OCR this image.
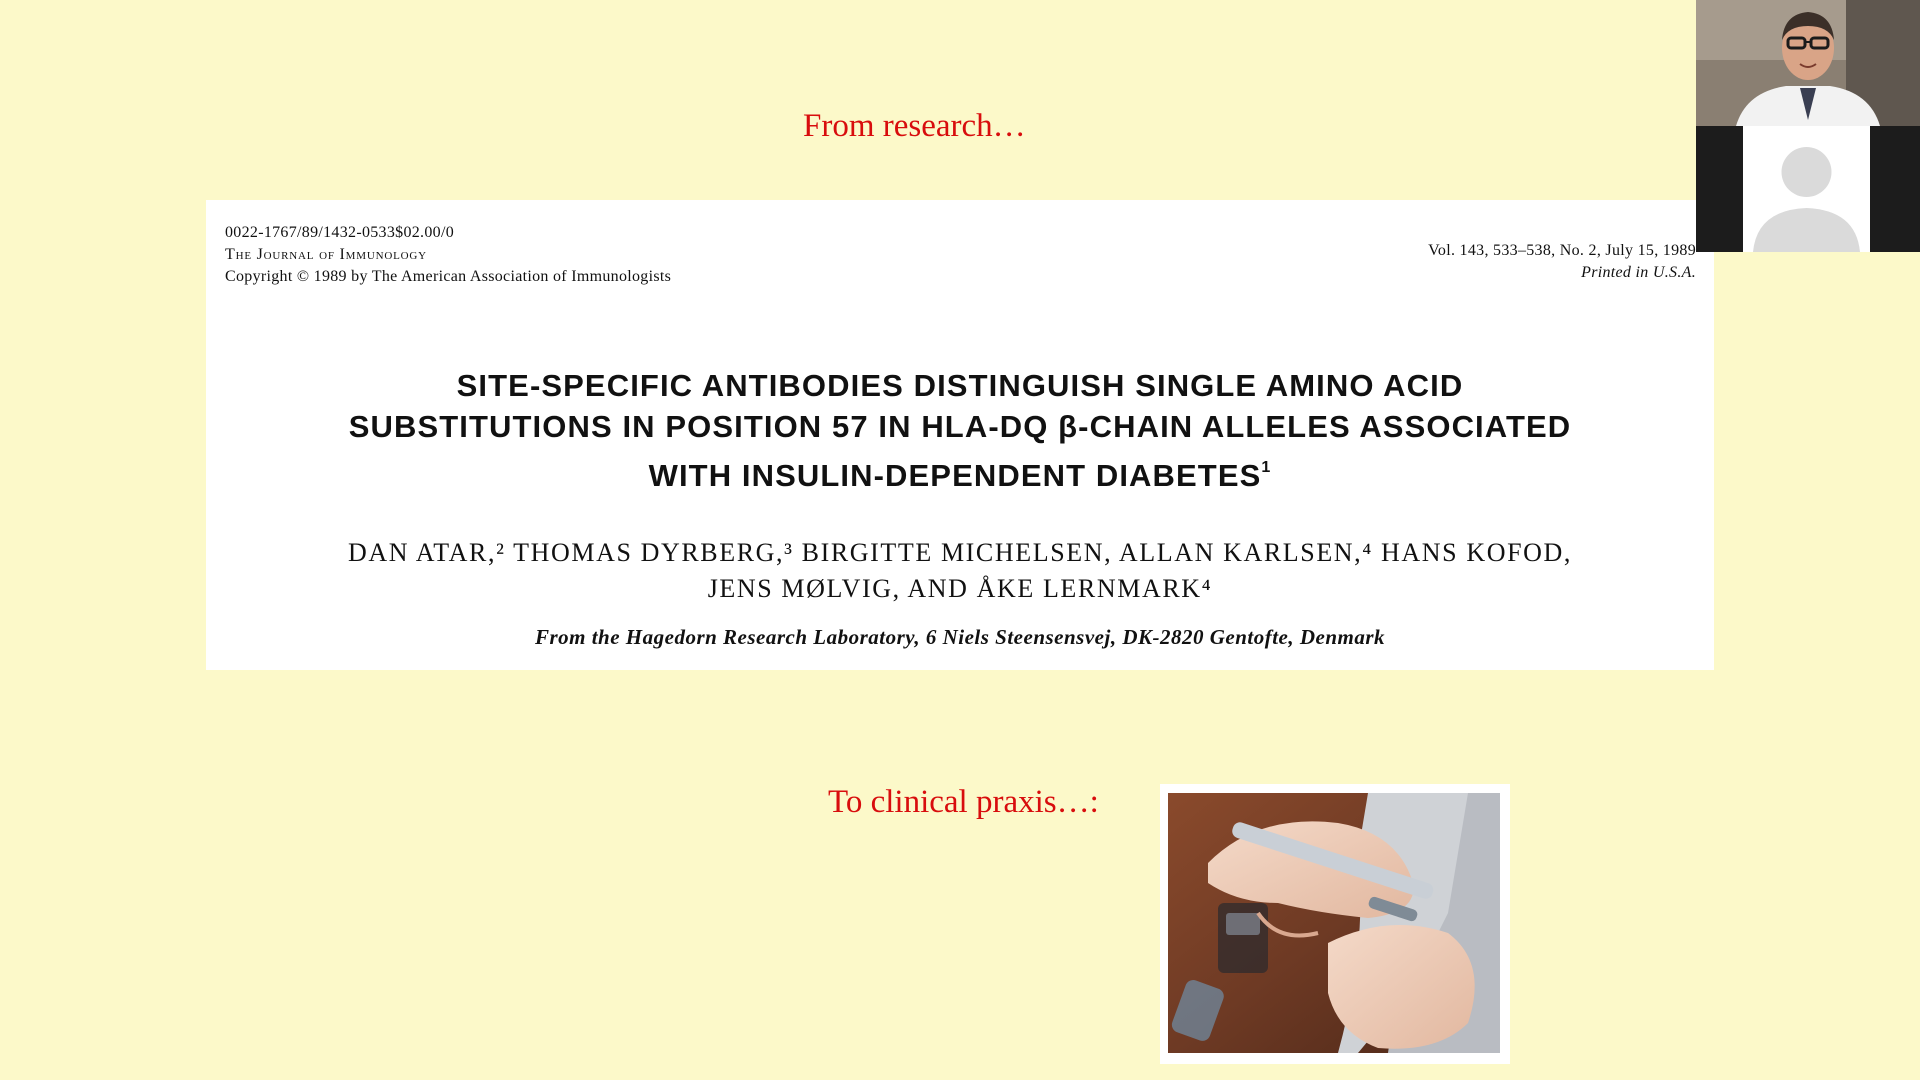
From research…
0022-1767/89/1432-0533$02.00/0
The Journal of Immunology
Copyright © 1989 by The American Association of Immunologists
Vol. 143, 533–538, No. 2, July 15, 1989
Printed in U.S.A.
SITE-SPECIFIC ANTIBODIES DISTINGUISH SINGLE AMINO ACID
SUBSTITUTIONS IN POSITION 57 IN HLA-DQ β-CHAIN ALLELES ASSOCIATED
WITH INSULIN-DEPENDENT DIABETES$^1$
DAN ATAR,² THOMAS DYRBERG,³ BIRGITTE MICHELSEN, ALLAN KARLSEN,⁴ HANS KOFOD,
JENS MØLVIG, AND ÅKE LERNMARK⁴
From the Hagedorn Research Laboratory, 6 Niels Steensensvej, DK-2820 Gentofte, Denmark
To clinical praxis…:
